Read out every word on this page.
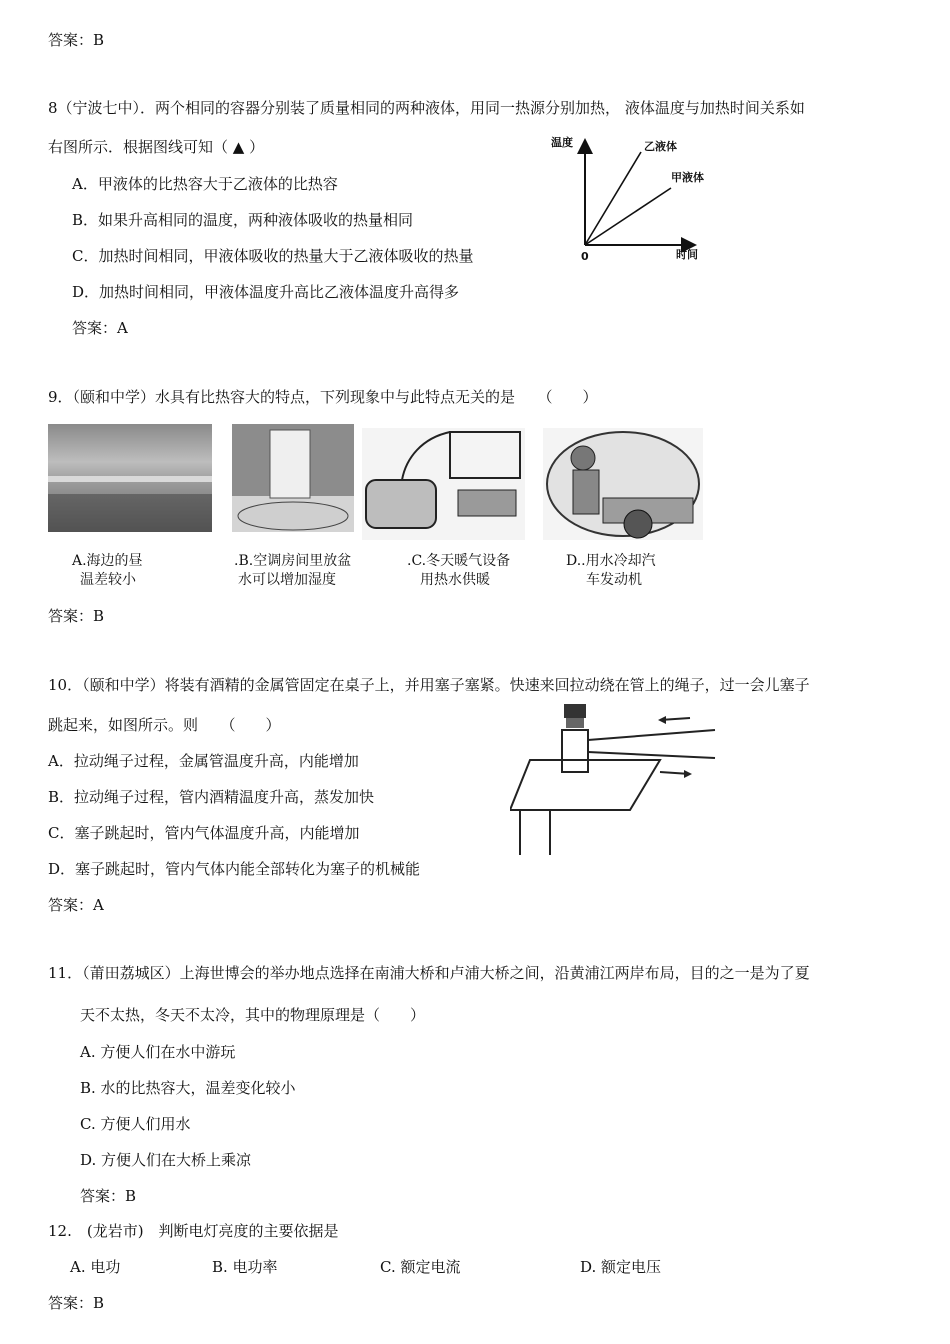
答案：B
8（宁波七中）．两个相同的容器分别装了质量相同的两种液体，用同一热源分别加热， 液体温度与加热时间关系如
右图所示．根据图线可知（ ▲ ）
A．甲液体的比热容大于乙液体的比热容
B．如果升高相同的温度，两种液体吸收的热量相同
C．加热时间相同，甲液体吸收的热量大于乙液体吸收的热量
D．加热时间相同，甲液体温度升高比乙液体温度升高得多
答案：A
温度
时间
0
乙液体
甲液体
9．（颐和中学）水具有比热容大的特点，下列现象中与此特点无关的是　　（　　）
A.海边的昼
温差较小
.B.空调房间里放盆
水可以增加湿度
.C.冬天暖气设备
用热水供暖
D..用水冷却汽
车发动机
答案：B
10．（颐和中学）将装有酒精的金属管固定在桌子上，并用塞子塞紧。快速来回拉动绕在管上的绳子，过一会儿塞子
跳起来，如图所示。则　　（　　）
A．拉动绳子过程，金属管温度升高，内能增加
B．拉动绳子过程，管内酒精温度升高，蒸发加快
C．塞子跳起时，管内气体温度升高，内能增加
D．塞子跳起时，管内气体内能全部转化为塞子的机械能
答案：A
11．（莆田荔城区）上海世博会的举办地点选择在南浦大桥和卢浦大桥之间，沿黄浦江两岸布局，目的之一是为了夏
天不太热，冬天不太冷，其中的物理原理是（　　）
A. 方便人们在水中游玩
B. 水的比热容大，温差变化较小
C. 方便人们用水
D. 方便人们在大桥上乘凉
答案：B
12.　(龙岩市)　判断电灯亮度的主要依据是
A. 电功	B. 电功率	C. 额定电流	D. 额定电压
答案：B
